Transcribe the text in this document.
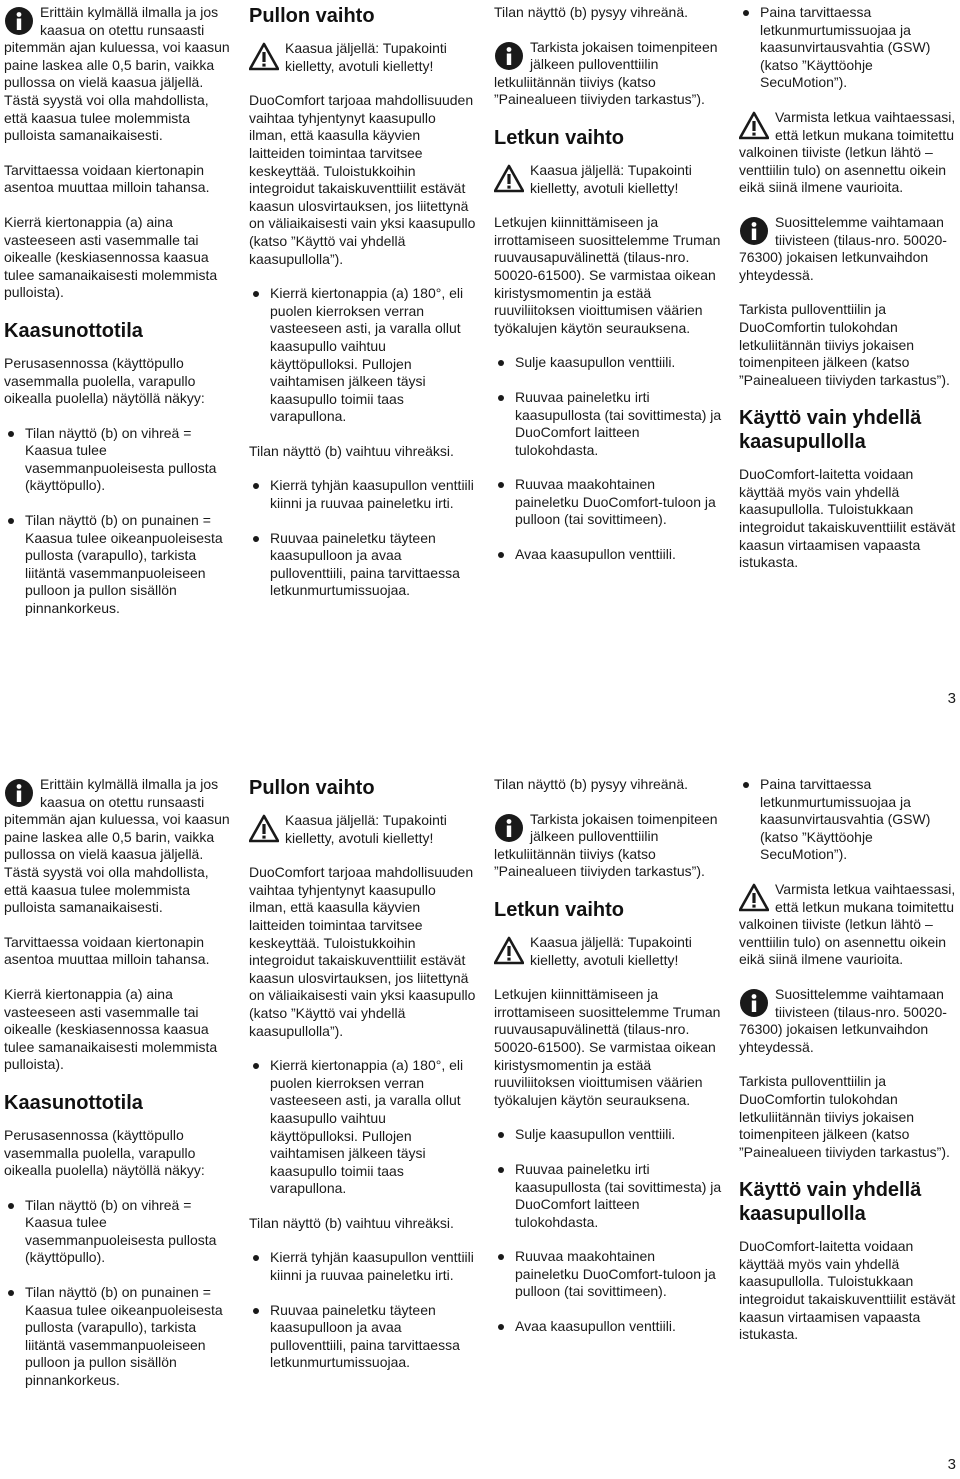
Erittäin kylmällä ilmalla ja jos kaasua on otettu runsaasti pitemmän ajan kuluessa, voi kaasun paine laskea alle 0,5 barin, vaikka pullossa on vielä kaasua jäljellä. Tästä syystä voi olla mahdollista, että kaasua tulee molemmista pulloista samanaikaisesti.

Tarvittaessa voidaan kiertonapin asentoa muuttaa milloin tahansa.

Kierrä kiertonappia (a) aina vasteeseen asti vasemmalle tai oikealle (keskiasennossa kaasua tulee samanaikaisesti molemmista pulloista).

Kaasunottotila

Perusasennossa (käyttöpullo vasemmalla puolella, varapullo oikealla puolella) näytöllä näkyy:

Tilan näyttö (b) on vihreä = Kaasua tulee vasemmanpuoleisesta pullosta (käyttöpullo).
Tilan näyttö (b) on punainen = Kaasua tulee oikeanpuoleisesta pullosta (varapullo), tarkista liitäntä vasemmanpuoleiseen pulloon ja pullon sisällön pinnankorkeus.
Pullon vaihto

Kaasua jäljellä: Tupakointi kielletty, avotuli kielletty!

DuoComfort tarjoaa mahdollisuuden vaihtaa tyhjentynyt kaasupullo ilman, että kaasulla käyvien laitteiden toimintaa tarvitsee keskeyttää. Tuloistukkoihin integroidut takaiskuventtiilit estävät kaasun ulosvirtauksen, jos liitettynä on väliaikaisesti vain yksi kaasupullo (katso ”Käyttö vai yhdellä kaasupullolla”).

Kierrä kiertonappia (a) 180°, eli puolen kierroksen verran vasteeseen asti, ja varalla ollut kaasupullo vaihtuu käyttöpulloksi. Pullojen vaihtamisen jälkeen täysi kaasupullo toimii taas varapullona.

Tilan näyttö (b) vaihtuu vihreäksi.

Kierrä tyhjän kaasupullon venttiili kiinni ja ruuvaa paineletku irti.
Ruuvaa paineletku täyteen kaasupulloon ja avaa pulloventtiili, paina tarvittaessa letkunmurtumissuojaa.

Tilan näyttö (b) pysyy vihreänä.

Tarkista jokaisen toimenpiteen jälkeen pulloventtiilin letkuliitännän tiiviys (katso ”Painealueen tiiviyden tarkastus”).

Letkun vaihto

Kaasua jäljellä: Tupakointi kielletty, avotuli kielletty!

Letkujen kiinnittämiseen ja irrottamiseen suosittelemme Truman ruuvausapuvälinettä (tilaus-nro. 50020-61500). Se varmistaa oikean kiristysmomentin ja estää ruuviliitoksen vioittumisen väärien työkalujen käytön seurauksena.

Sulje kaasupullon venttiili.
Ruuvaa paineletku irti kaasupullosta (tai sovittimesta) ja DuoComfort laitteen tulokohdasta.
Ruuvaa maakohtainen paineletku DuoComfort-tuloon ja pulloon (tai sovittimeen).
Avaa kaasupullon venttiili.
Paina tarvittaessa letkunmurtumissuojaa ja kaasunvirtausvahtia (GSW) (katso ”Käyttöohje SecuMotion”).

Varmista letkua vaihtaessasi, että letkun mukana toimitettu valkoinen tiiviste (letkun lähtö – venttiilin tulo) on asennettu oikein eikä siinä ilmene vaurioita.

Suosittelemme vaihtamaan tiivisteen (tilaus-nro. 50020-76300) jokaisen letkunvaihdon yhteydessä.

Tarkista pulloventtiilin ja DuoComfortin tulokohdan letkuliitännän tiiviys jokaisen toimenpiteen jälkeen (katso ”Painealueen tiiviyden tarkastus”).

Käyttö vain yhdellä kaasupullolla

DuoComfort-laitetta voidaan käyttää myös vain yhdellä kaasupullolla. Tuloistukkaan integroidut takaiskuventtiilit estävät kaasun virtaamisen vapaasta istukasta.

3

Erittäin kylmällä ilmalla ja jos kaasua on otettu runsaasti pitemmän ajan kuluessa, voi kaasun paine laskea alle 0,5 barin, vaikka pullossa on vielä kaasua jäljellä. Tästä syystä voi olla mahdollista, että kaasua tulee molemmista pulloista samanaikaisesti.

Tarvittaessa voidaan kiertonapin asentoa muuttaa milloin tahansa.

Kierrä kiertonappia (a) aina vasteeseen asti vasemmalle tai oikealle (keskiasennossa kaasua tulee samanaikaisesti molemmista pulloista).

Kaasunottotila

Perusasennossa (käyttöpullo vasemmalla puolella, varapullo oikealla puolella) näytöllä näkyy:

Tilan näyttö (b) on vihreä = Kaasua tulee vasemmanpuoleisesta pullosta (käyttöpullo).
Tilan näyttö (b) on punainen = Kaasua tulee oikeanpuoleisesta pullosta (varapullo), tarkista liitäntä vasemmanpuoleiseen pulloon ja pullon sisällön pinnankorkeus.
Pullon vaihto

Kaasua jäljellä: Tupakointi kielletty, avotuli kielletty!

DuoComfort tarjoaa mahdollisuuden vaihtaa tyhjentynyt kaasupullo ilman, että kaasulla käyvien laitteiden toimintaa tarvitsee keskeyttää. Tuloistukkoihin integroidut takaiskuventtiilit estävät kaasun ulosvirtauksen, jos liitettynä on väliaikaisesti vain yksi kaasupullo (katso ”Käyttö vai yhdellä kaasupullolla”).

Kierrä kiertonappia (a) 180°, eli puolen kierroksen verran vasteeseen asti, ja varalla ollut kaasupullo vaihtuu käyttöpulloksi. Pullojen vaihtamisen jälkeen täysi kaasupullo toimii taas varapullona.

Tilan näyttö (b) vaihtuu vihreäksi.

Kierrä tyhjän kaasupullon venttiili kiinni ja ruuvaa paineletku irti.
Ruuvaa paineletku täyteen kaasupulloon ja avaa pulloventtiili, paina tarvittaessa letkunmurtumissuojaa.

Tilan näyttö (b) pysyy vihreänä.

Tarkista jokaisen toimenpiteen jälkeen pulloventtiilin letkuliitännän tiiviys (katso ”Painealueen tiiviyden tarkastus”).

Letkun vaihto

Kaasua jäljellä: Tupakointi kielletty, avotuli kielletty!

Letkujen kiinnittämiseen ja irrottamiseen suosittelemme Truman ruuvausapuvälinettä (tilaus-nro. 50020-61500). Se varmistaa oikean kiristysmomentin ja estää ruuviliitoksen vioittumisen väärien työkalujen käytön seurauksena.

Sulje kaasupullon venttiili.
Ruuvaa paineletku irti kaasupullosta (tai sovittimesta) ja DuoComfort laitteen tulokohdasta.
Ruuvaa maakohtainen paineletku DuoComfort-tuloon ja pulloon (tai sovittimeen).
Avaa kaasupullon venttiili.
Paina tarvittaessa letkunmurtumissuojaa ja kaasunvirtausvahtia (GSW) (katso ”Käyttöohje SecuMotion”).

Varmista letkua vaihtaessasi, että letkun mukana toimitettu valkoinen tiiviste (letkun lähtö – venttiilin tulo) on asennettu oikein eikä siinä ilmene vaurioita.

Suosittelemme vaihtamaan tiivisteen (tilaus-nro. 50020-76300) jokaisen letkunvaihdon yhteydessä.

Tarkista pulloventtiilin ja DuoComfortin tulokohdan letkuliitännän tiiviys jokaisen toimenpiteen jälkeen (katso ”Painealueen tiiviyden tarkastus”).

Käyttö vain yhdellä kaasupullolla

DuoComfort-laitetta voidaan käyttää myös vain yhdellä kaasupullolla. Tuloistukkaan integroidut takaiskuventtiilit estävät kaasun virtaamisen vapaasta istukasta.

3
